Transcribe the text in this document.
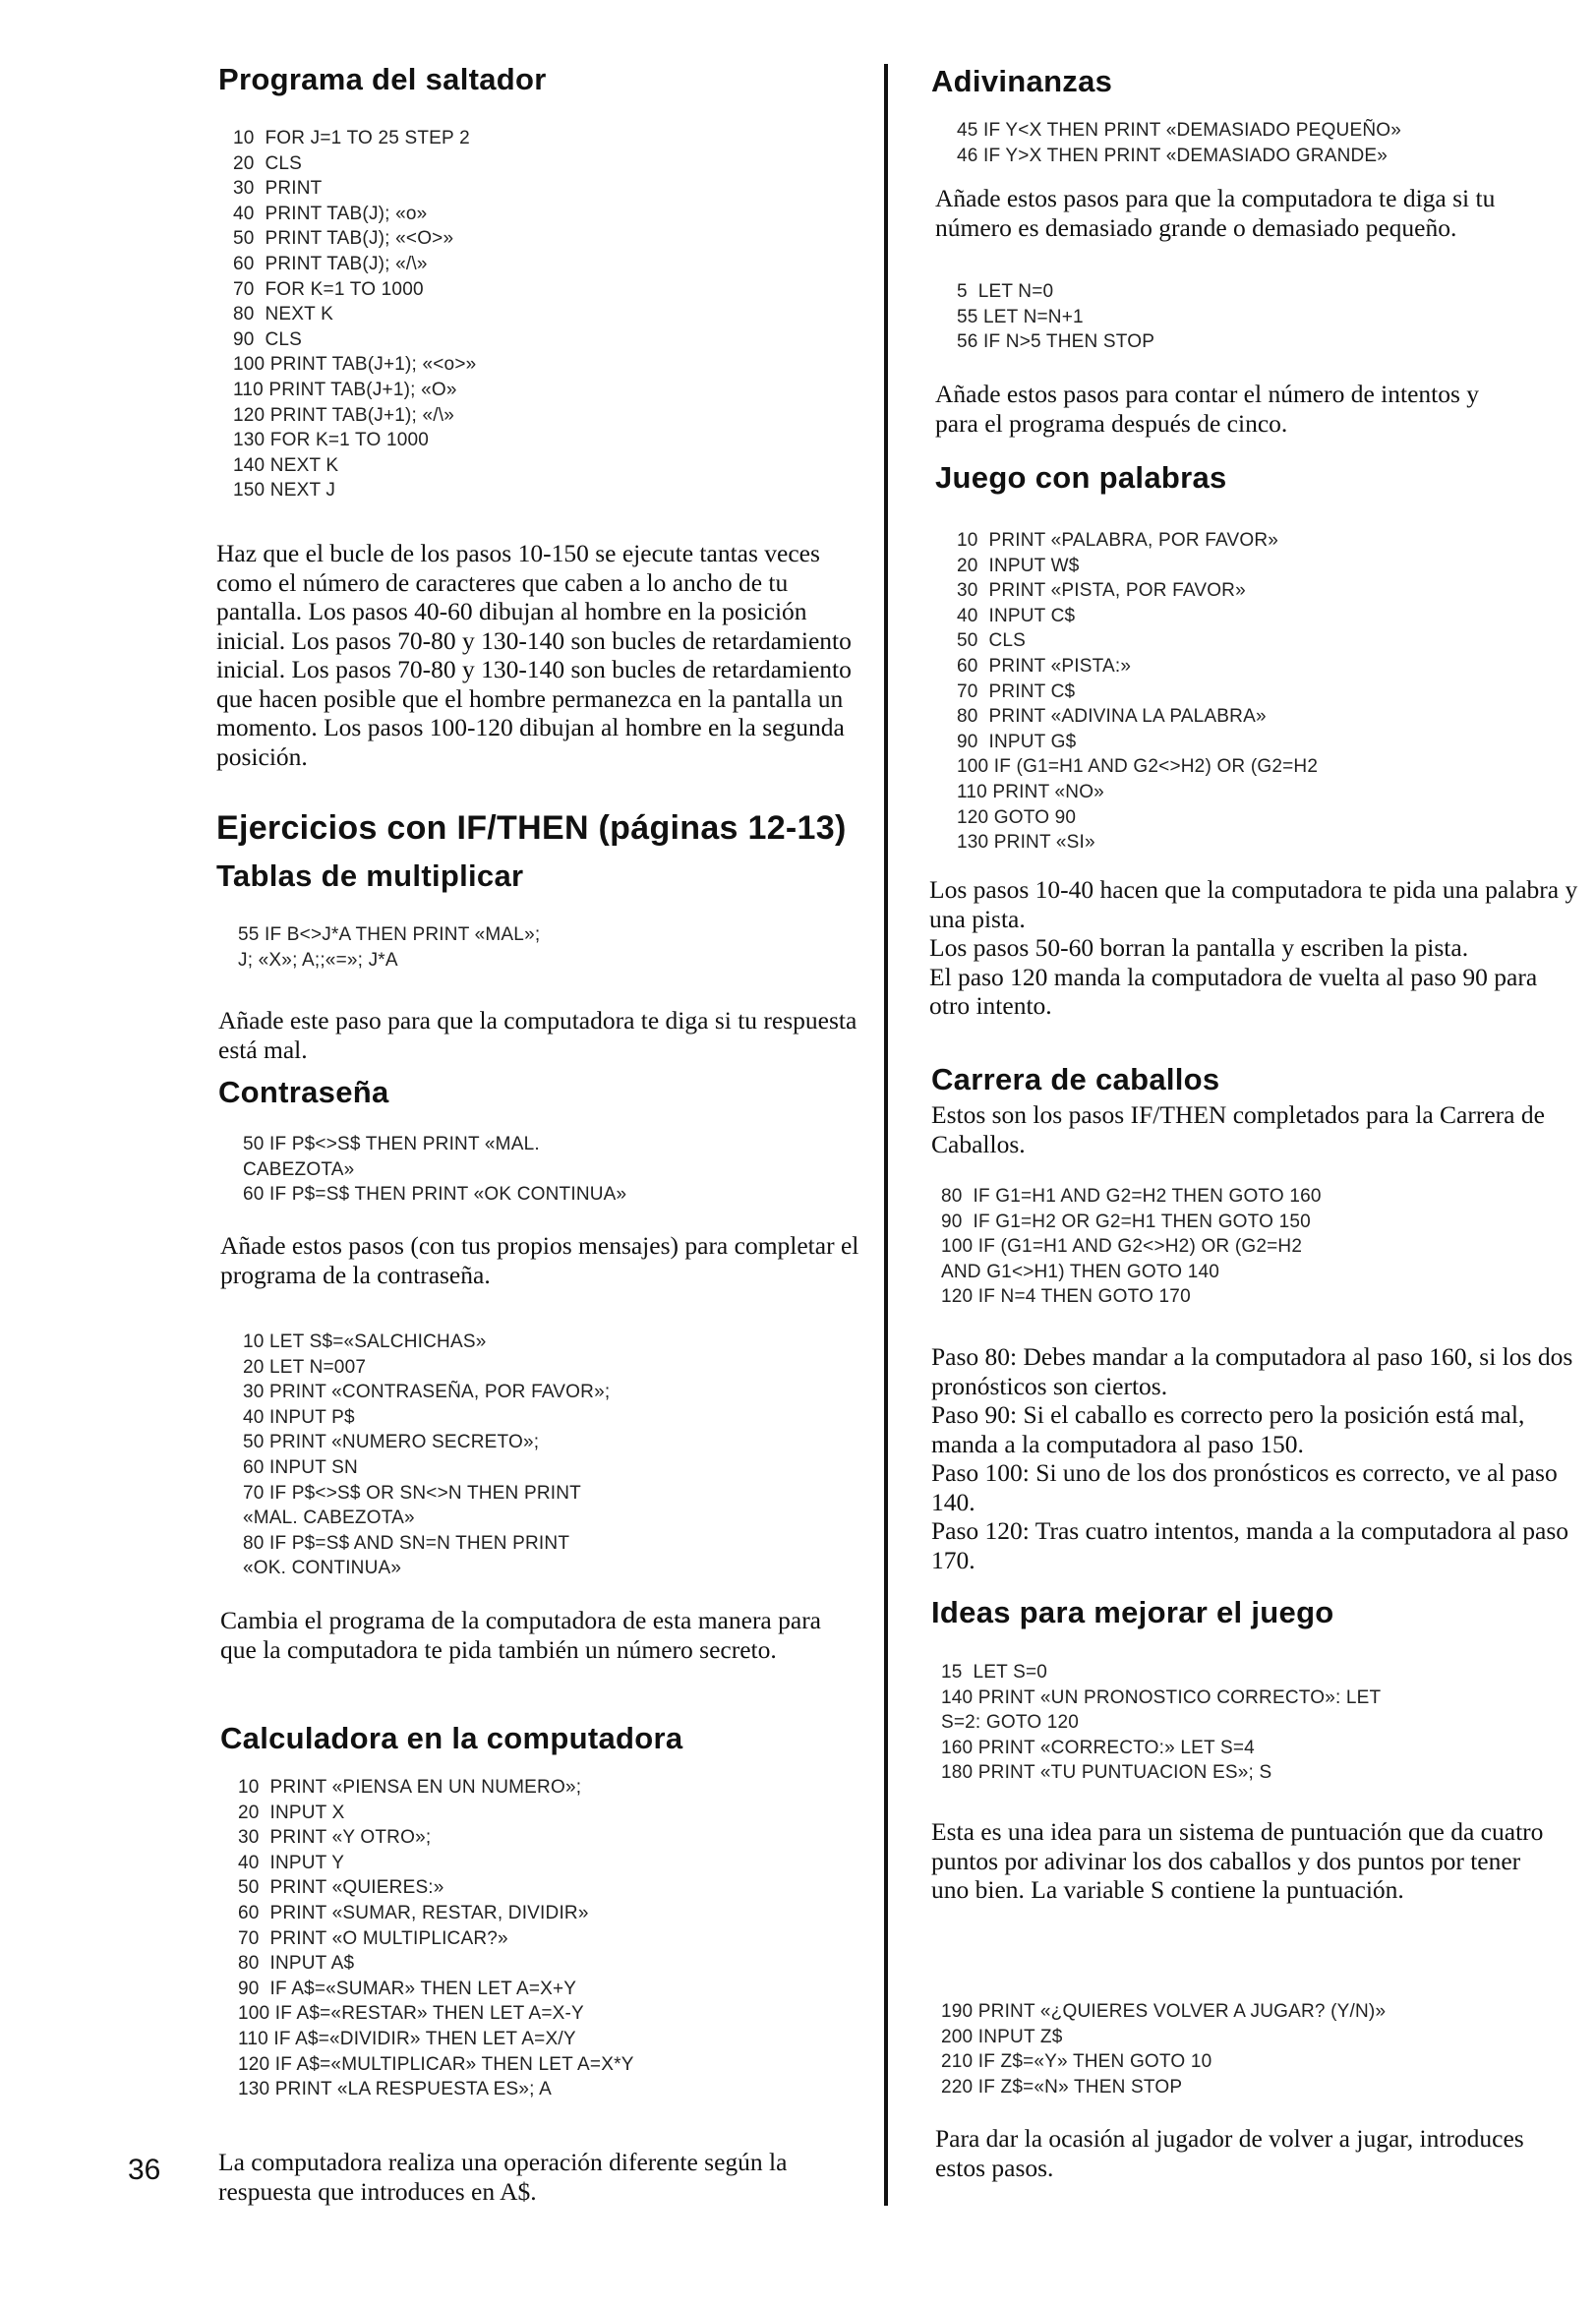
Programa del saltador
10  FOR J=1 TO 25 STEP 2
20  CLS
30  PRINT
40  PRINT TAB(J); «o»
50  PRINT TAB(J); «<O>»
60  PRINT TAB(J); «/\»
70  FOR K=1 TO 1000
80  NEXT K
90  CLS
100 PRINT TAB(J+1); «<o>»
110 PRINT TAB(J+1); «O»
120 PRINT TAB(J+1); «/\»
130 FOR K=1 TO 1000
140 NEXT K
150 NEXT J

Haz que el bucle de los pasos 10-150 se ejecute tantas veces como el número de caracteres que caben a lo ancho de tu pantalla. Los pasos 40-60 dibujan al hombre en la posición inicial. Los pasos 70-80 y 130-140 son bucles de retardamiento inicial. Los pasos 70-80 y 130-140 son bucles de retardamiento que hacen posible que el hombre permanezca en la pantalla un momento. Los pasos 100-120 dibujan al hombre en la segunda posición.

Ejercicios con IF/THEN (páginas 12-13)
Tablas de multiplicar
55 IF B<>J*A THEN PRINT «MAL»;
J; «X»; A;;«=»; J*A

Añade este paso para que la computadora te diga si tu respuesta está mal.

Contraseña
50 IF P$<>S$ THEN PRINT «MAL.
CABEZOTA»
60 IF P$=S$ THEN PRINT «OK CONTINUA»

Añade estos pasos (con tus propios mensajes) para completar el programa de la contraseña.

10 LET S$=«SALCHICHAS»
20 LET N=007
30 PRINT «CONTRASEÑA, POR FAVOR»;
40 INPUT P$
50 PRINT «NUMERO SECRETO»;
60 INPUT SN
70 IF P$<>S$ OR SN<>N THEN PRINT
«MAL. CABEZOTA»
80 IF P$=S$ AND SN=N THEN PRINT
«OK. CONTINUA»

Cambia el programa de la computadora de esta manera para que la computadora te pida también un número secreto.

Calculadora en la computadora
10  PRINT «PIENSA EN UN NUMERO»;
20  INPUT X
30  PRINT «Y OTRO»;
40  INPUT Y
50  PRINT «QUIERES:»
60  PRINT «SUMAR, RESTAR, DIVIDIR»
70  PRINT «O MULTIPLICAR?»
80  INPUT A$
90  IF A$=«SUMAR» THEN LET A=X+Y
100 IF A$=«RESTAR» THEN LET A=X-Y
110 IF A$=«DIVIDIR» THEN LET A=X/Y
120 IF A$=«MULTIPLICAR» THEN LET A=X*Y
130 PRINT «LA RESPUESTA ES»; A

La computadora realiza una operación diferente según la respuesta que introduces en A$.

36
Adivinanzas
45 IF Y<X THEN PRINT «DEMASIADO PEQUEÑO»
46 IF Y>X THEN PRINT «DEMASIADO GRANDE»

Añade estos pasos para que la computadora te diga si tu número es demasiado grande o demasiado pequeño.

5  LET N=0
55 LET N=N+1
56 IF N>5 THEN STOP

Añade estos pasos para contar el número de intentos y para el programa después de cinco.

Juego con palabras
10  PRINT «PALABRA, POR FAVOR»
20  INPUT W$
30  PRINT «PISTA, POR FAVOR»
40  INPUT C$
50  CLS
60  PRINT «PISTA:»
70  PRINT C$
80  PRINT «ADIVINA LA PALABRA»
90  INPUT G$
100 IF (G1=H1 AND G2<>H2) OR (G2=H2
110 PRINT «NO»
120 GOTO 90
130 PRINT «SI»

Los pasos 10-40 hacen que la computadora te pida una palabra y una pista.
Los pasos 50-60 borran la pantalla y escriben la pista.
El paso 120 manda la computadora de vuelta al paso 90 para otro intento.

Carrera de caballos

Estos son los pasos IF/THEN completados para la Carrera de Caballos.

80  IF G1=H1 AND G2=H2 THEN GOTO 160
90  IF G1=H2 OR G2=H1 THEN GOTO 150
100 IF (G1=H1 AND G2<>H2) OR (G2=H2
AND G1<>H1) THEN GOTO 140
120 IF N=4 THEN GOTO 170

Paso 80: Debes mandar a la computadora al paso 160, si los dos pronósticos son ciertos.
Paso 90: Si el caballo es correcto pero la posición está mal, manda a la computadora al paso 150.
Paso 100: Si uno de los dos pronósticos es correcto, ve al paso 140.
Paso 120: Tras cuatro intentos, manda a la computadora al paso 170.

Ideas para mejorar el juego
15  LET S=0
140 PRINT «UN PRONOSTICO CORRECTO»: LET
S=2: GOTO 120
160 PRINT «CORRECTO:» LET S=4
180 PRINT «TU PUNTUACION ES»; S

Esta es una idea para un sistema de puntuación que da cuatro puntos por adivinar los dos caballos y dos puntos por tener uno bien. La variable S contiene la puntuación.

190 PRINT «¿QUIERES VOLVER A JUGAR? (Y/N)»
200 INPUT Z$
210 IF Z$=«Y» THEN GOTO 10
220 IF Z$=«N» THEN STOP

Para dar la ocasión al jugador de volver a jugar, introduces estos pasos.
